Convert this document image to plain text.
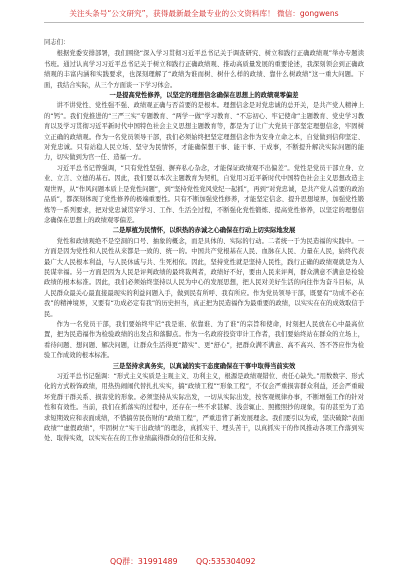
关注头条号“公文研究”，获得最新最全最专业的公文资料库！ 微信：gongwens

同志们：

根据党委安排部署，我们围绕“深入学习贯彻习近平总书记关于调查研究、树立和践行正确政绩观”举办专题读书班。通过认真学习习近平总书记关于树立和践行正确政绩观、推动高质量发展的重要论述，我深刻领会到正确政绩观的丰富内涵和实践要求，也深刻理解了“政绩为谁而树、树什么样的政绩、靠什么树政绩”这一重大问题。下面，我结合实际，从三个方面谈一下学习体会。

一是提高党性修养，以坚定的理想信念确保在思想上的政绩观零偏差

讲不讲党性、党性强不强、政绩观正确与否首要的是根本。理想信念是对党忠诚的总开关，是共产党人精神上的“钙”。我们党推进的“三严三实”专题教育、“两学一做”学习教育、“不忘初心、牢记使命”主题教育、党史学习教育以及学习贯彻习近平新时代中国特色社会主义思想主题教育等，都是为了让广大党员干部坚定理想信念，牢固树立正确的政绩观。作为一名党员领导干部，我们必须始终把坚定理想信念作为安身立命之本，自觉做到信仰坚定、对党忠诚。只有站稳人民立场、坚守为民情怀，才能确保想干事、能干事、干成事，不断提升解决实际问题的能力，切实做到为官一任、造福一方。

习近平总书记曾强调，“只有党性坚强、摒弃私心杂念，才能保证政绩观不出偏差”。党性是党员干部立身、立业、立言、立德的基石。因此，我们要以本次主题教育为契机，自觉用习近平新时代中国特色社会主义思想改造主观世界，从“作风问题本质上是党性问题”，到“坚持党性党风党纪一起抓”，再到“对党忠诚，是共产党人首要的政治品质”，都深刻体现了党性修养的极端重要性。只有不断加强党性修养，才能坚定信念、提升思想境界，加强党性锻炼等一系列要求，把对党忠诚贯穿学习、工作、生活全过程，不断强化党性锻炼、提高党性修养，以坚定的理想信念确保在思想上的政绩观零偏差。

二是厚植为民情怀，以炽热的赤诚之心确保在行动上切实际地发展

党性和政绩观绝不是空洞的口号、抽象的概念，而是具体的、实际的行动。二者统一于为民造福的实践中。一方面是因为党性和人民性从来都是一致的、统一的。中国共产党根基在人民、血脉在人民、力量在人民，始终代表最广大人民根本利益，与人民休戚与共、生死相依。因此，坚持党性就是坚持人民性，践行正确的政绩观就是为人民谋幸福。另一方面是因为人民是评判政绩的最终裁判者，政绩好不好，要由人民来评判，群众满意不满意是检验政绩的根本标准。因此，我们必须始终坚持以人民为中心的发展思想，把人民对美好生活的向往作为奋斗目标，从人民群众最关心最直接最现实的利益问题入手，做到民有所呼、我有所应。作为党员领导干部，既要有“功成不必在我”的精神境界，又要有“功成必定有我”的历史担当，真正把为民造福作为最重要的政绩，以实实在在的成效取信于民。

作为一名党员干部，我们要始终牢记“我是谁、依靠谁、为了谁”的宗旨和使命，时刻把人民放在心中最高位置，把为民造福作为检验政绩的出发点和落脚点。作为一名政府投资审计工作者，我们要始终站在群众的立场上，看待问题、想问题、解决问题，让群众生活得更“踏实”、更“舒心”，把群众满不满意、高不高兴、答不答应作为检验工作成效的根本标准。

三是坚持求真务实，以真诚的实干态度确保在干事中取得当前实效

习近平总书记强调：“形式主义实质是主观主义、功利主义，根源是政绩观错位、责任心缺失。”用数数字、形式化的方式粉饰政绩，用热热闹闹代替扎扎实实，搞“政绩工程”“形象工程”，不仅会严重损害群众利益，还会严重破坏党群干群关系、损害党的形象。必须坚持从实际出发，一切从实际出发，按客观规律办事，不断增强工作的针对性和有效性。当前，我们在抓落实的过程中，还存在一些不求甚解、浅尝辄止、照搬照抄的现象，有的甚至为了追求短期效应和表面成绩，不惜搞劳民伤财的“政绩工程”，严重违背了新发展理念。我们要引以为戒，坚决破除“表面政绩”“虚假政绩”，牢固树立“实干出政绩”的理念，真抓实干、埋头苦干，以真抓实干的作风推动各项工作落到实处、取得实效，以实实在在的工作业绩赢得群众的信任和支持。

QQ群：31991489 QQ:535304092
